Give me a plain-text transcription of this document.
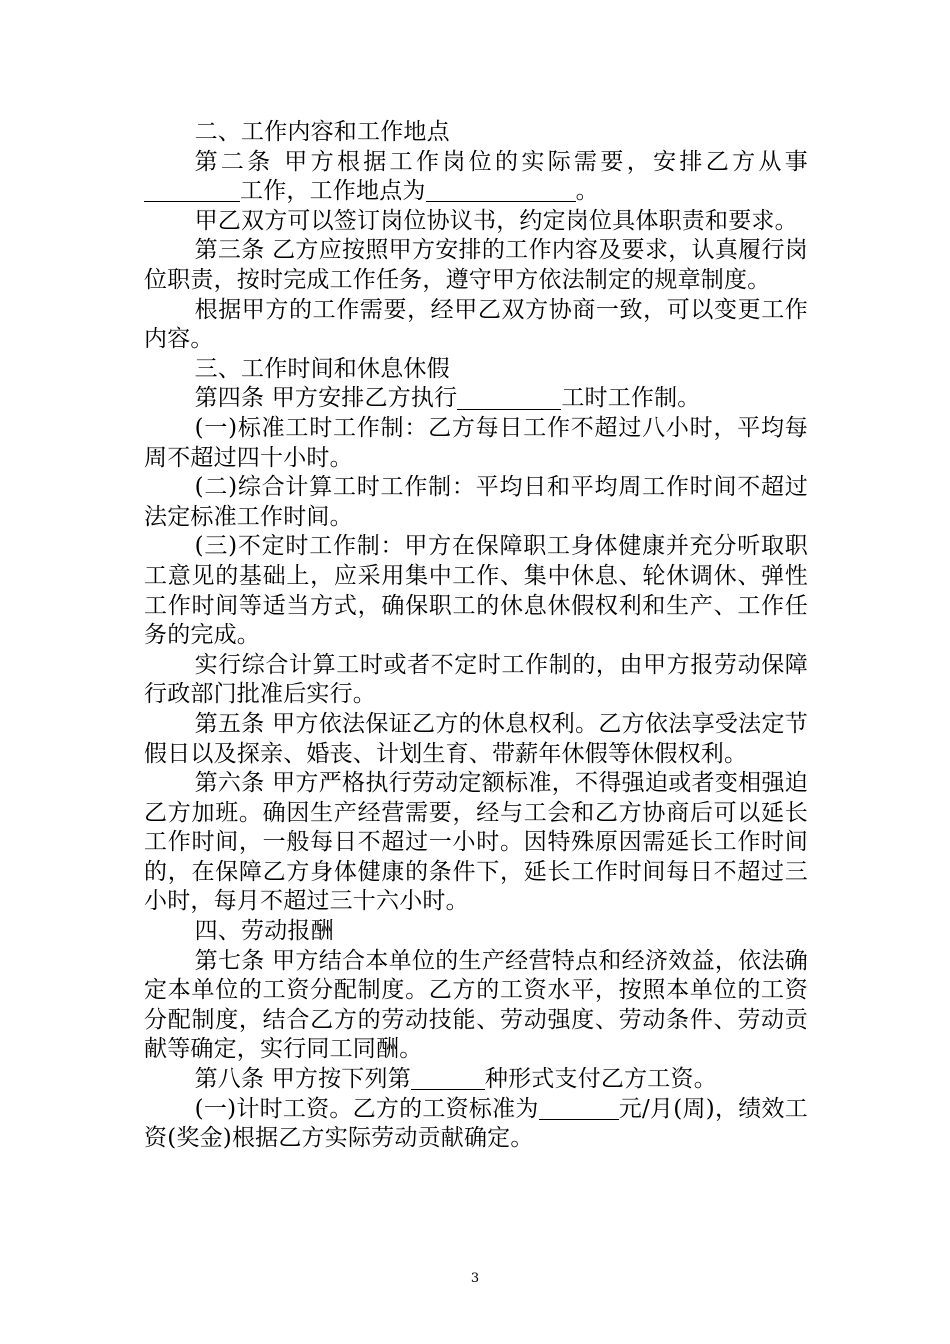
二、工作内容和工作地点

第二条 甲方根据工作岗位的实际需要，安排乙方从事工作，工作地点为	。

甲乙双方可以签订岗位协议书，约定岗位具体职责和要求。

第三条 乙方应按照甲方安排的工作内容及要求，认真履行岗位职责，按时完成工作任务，遵守甲方依法制定的规章制度。

根据甲方的工作需要，经甲乙双方协商一致，可以变更工作内容。

三、工作时间和休息休假

第四条 甲方安排乙方执行	工时工作制。

(一)标准工时工作制：乙方每日工作不超过八小时，平均每周不超过四十小时。

(二)综合计算工时工作制：平均日和平均周工作时间不超过法定标准工作时间。

(三)不定时工作制：甲方在保障职工身体健康并充分听取职工意见的基础上，应采用集中工作、集中休息、轮休调休、弹性工作时间等适当方式，确保职工的休息休假权利和生产、工作任务的完成。

实行综合计算工时或者不定时工作制的，由甲方报劳动保障行政部门批准后实行。

第五条 甲方依法保证乙方的休息权利。乙方依法享受法定节假日以及探亲、婚丧、计划生育、带薪年休假等休假权利。

第六条 甲方严格执行劳动定额标准，不得强迫或者变相强迫乙方加班。确因生产经营需要，经与工会和乙方协商后可以延长工作时间，一般每日不超过一小时。因特殊原因需延长工作时间的，在保障乙方身体健康的条件下，延长工作时间每日不超过三小时，每月不超过三十六小时。

四、劳动报酬

第七条 甲方结合本单位的生产经营特点和经济效益，依法确定本单位的工资分配制度。乙方的工资水平，按照本单位的工资分配制度，结合乙方的劳动技能、劳动强度、劳动条件、劳动贡献等确定，实行同工同酬。

第八条 甲方按下列第	种形式支付乙方工资。

(一)计时工资。乙方的工资标准为	元/月(周)，绩效工资(奖金)根据乙方实际劳动贡献确定。

3
